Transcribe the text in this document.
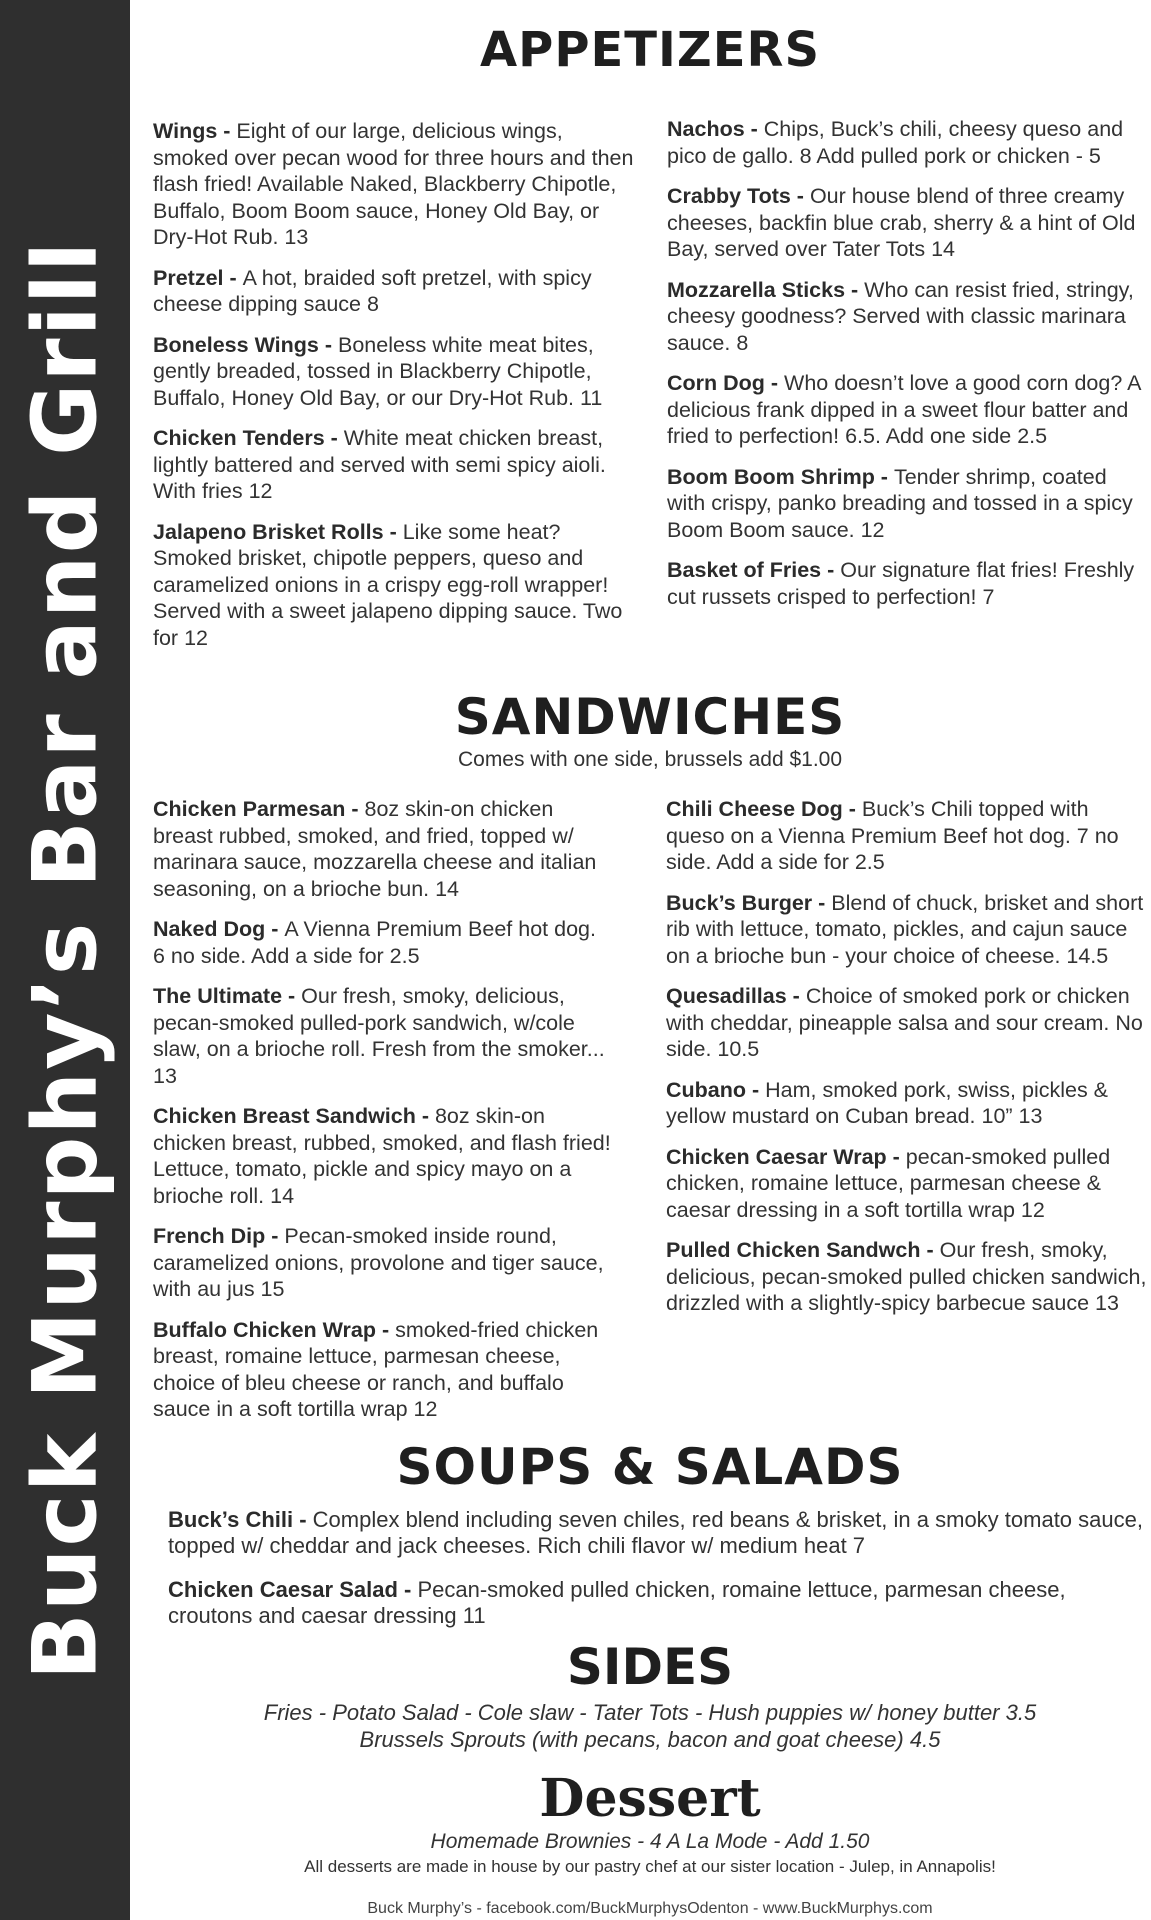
Buck Murphy’s Bar and Grill
APPETIZERS

Wings - Eight of our large, delicious wings, smoked over pecan wood for three hours and then flash fried! Available Naked, Blackberry Chipotle, Buffalo, Boom Boom sauce, Honey Old Bay, or Dry-Hot Rub. 13

Pretzel - A hot, braided soft pretzel, with spicy cheese dipping sauce 8

Boneless Wings - Boneless white meat bites, gently breaded, tossed in Blackberry Chipotle, Buffalo, Honey Old Bay, or our Dry-Hot Rub. 11

Chicken Tenders - White meat chicken breast, lightly battered and served with semi spicy aioli. With fries 12

Jalapeno Brisket Rolls - Like some heat? Smoked brisket, chipotle peppers, queso and caramelized onions in a crispy egg-roll wrapper! Served with a sweet jalapeno dipping sauce. Two for 12

Nachos - Chips, Buck’s chili, cheesy queso and pico de gallo. 8 Add pulled pork or chicken - 5

Crabby Tots - Our house blend of three creamy cheeses, backfin blue crab, sherry & a hint of Old Bay, served over Tater Tots 14

Mozzarella Sticks - Who can resist fried, stringy, cheesy goodness? Served with classic marinara sauce. 8

Corn Dog - Who doesn’t love a good corn dog? A delicious frank dipped in a sweet flour batter and fried to perfection! 6.5. Add one side 2.5

Boom Boom Shrimp - Tender shrimp, coated with crispy, panko breading and tossed in a spicy Boom Boom sauce. 12

Basket of Fries - Our signature flat fries! Freshly cut russets crisped to perfection! 7

SANDWICHES
Comes with one side, brussels add $1.00

Chicken Parmesan - 8oz skin-on chicken breast rubbed, smoked, and fried, topped w/ marinara sauce, mozzarella cheese and italian seasoning, on a brioche bun. 14

Naked Dog - A Vienna Premium Beef hot dog. 6 no side. Add a side for 2.5

The Ultimate - Our fresh, smoky, delicious, pecan-smoked pulled-pork sandwich, w/cole slaw, on a brioche roll. Fresh from the smoker... 13

Chicken Breast Sandwich - 8oz skin-on chicken breast, rubbed, smoked, and flash fried! Lettuce, tomato, pickle and spicy mayo on a brioche roll. 14

French Dip - Pecan-smoked inside round, caramelized onions, provolone and tiger sauce, with au jus 15

Buffalo Chicken Wrap - smoked-fried chicken breast, romaine lettuce, parmesan cheese, choice of bleu cheese or ranch, and buffalo sauce in a soft tortilla wrap 12

Chili Cheese Dog - Buck’s Chili topped with queso on a Vienna Premium Beef hot dog. 7 no side. Add a side for 2.5

Buck’s Burger - Blend of chuck, brisket and short rib with lettuce, tomato, pickles, and cajun sauce on a brioche bun - your choice of cheese. 14.5

Quesadillas - Choice of smoked pork or chicken with cheddar, pineapple salsa and sour cream. No side. 10.5

Cubano - Ham, smoked pork, swiss, pickles & yellow mustard on Cuban bread. 10” 13

Chicken Caesar Wrap - pecan-smoked pulled chicken, romaine lettuce, parmesan cheese & caesar dressing in a soft tortilla wrap 12

Pulled Chicken Sandwch - Our fresh, smoky, delicious, pecan-smoked pulled chicken sandwich, drizzled with a slightly-spicy barbecue sauce 13

SOUPS & SALADS

Buck’s Chili - Complex blend including seven chiles, red beans & brisket, in a smoky tomato sauce, topped w/ cheddar and jack cheeses. Rich chili flavor w/ medium heat 7

Chicken Caesar Salad - Pecan-smoked pulled chicken, romaine lettuce, parmesan cheese, croutons and caesar dressing 11

SIDES
Fries - Potato Salad - Cole slaw - Tater Tots - Hush puppies w/ honey butter 3.5
Brussels Sprouts (with pecans, bacon and goat cheese) 4.5
Dessert
Homemade Brownies - 4 A La Mode - Add 1.50
All desserts are made in house by our pastry chef at our sister location - Julep, in Annapolis!
Buck Murphy’s - facebook.com/BuckMurphysOdenton - www.BuckMurphys.com
